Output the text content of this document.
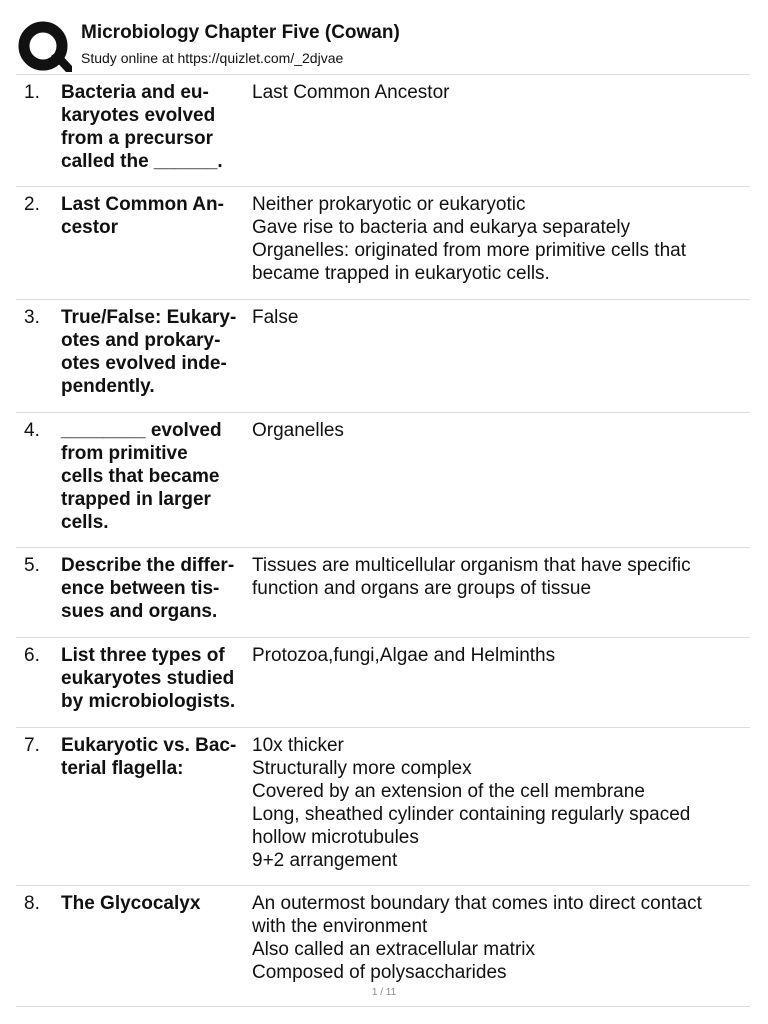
Microbiology Chapter Five (Cowan)
Study online at https://quizlet.com/_2djvae
1. Bacteria and eu-
karyotes evolved
from a precursor
called the ______.
Last Common Ancestor
2. Last Common An-
cestor
Neither prokaryotic or eukaryotic
Gave rise to bacteria and eukarya separately
Organelles: originated from more primitive cells that
became trapped in eukaryotic cells.
3. True/False: Eukary-
otes and prokary-
otes evolved inde-
pendently.
False
4. ________ evolved
from primitive
cells that became
trapped in larger
cells.
Organelles
5. Describe the differ-
ence between tis-
sues and organs.
Tissues are multicellular organism that have specific
function and organs are groups of tissue
6. List three types of
eukaryotes studied
by microbiologists.
Protozoa,fungi,Algae and Helminths
7. Eukaryotic vs. Bac-
terial flagella:
10x thicker
Structurally more complex
Covered by an extension of the cell membrane
Long, sheathed cylinder containing regularly spaced
hollow microtubules
9+2 arrangement
8. The Glycocalyx	An outermost boundary that comes into direct contact
with the environment
Also called an extracellular matrix
Composed of polysaccharides
1 / 11
